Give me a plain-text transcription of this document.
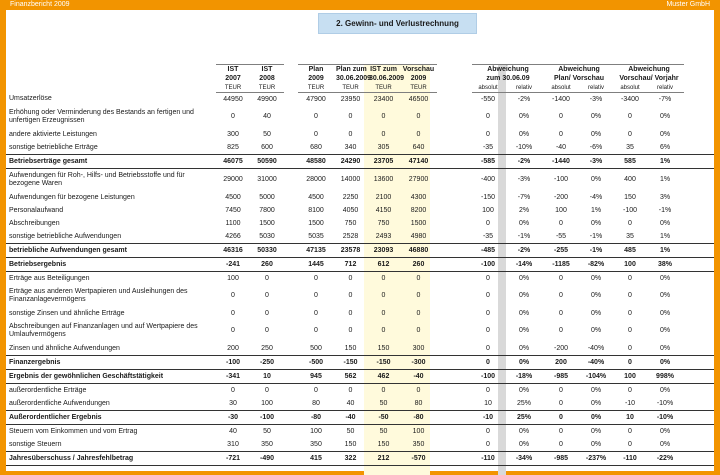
Finanzbericht 2009	Muster GmbH
2. Gewinn- und Verlustrechnung
	IST	IST		Plan	Plan zum	IST zum	Vorschau		Abweichung		Abweichung		Abweichung	
	2007	2008		2009	30.06.2009	30.06.2009	2009		zum 30.06.09		Plan/ Vorschau		Vorschau/ Vorjahr	
	TEUR	TEUR		TEUR	TEUR	TEUR	TEUR		absolut	relativ	absolut	relativ	absolut	relativ
Umsatzerlöse	44950	49900		47900	23950	23400	46500		-550	-2%	-1400	-3%	-3400	-7%
Erhöhung oder Verminderung des Bestands an fertigen und unfertigen Erzeugnissen	0	40		0	0	0	0		0	0%	0	0%	0	0%
andere aktivierte Leistungen	300	50		0	0	0	0		0	0%	0	0%	0	0%
sonstige betriebliche Erträge	825	600		680	340	305	640		-35	-10%	-40	-6%	35	6%
Betriebserträge gesamt	46075	50590		48580	24290	23705	47140		-585	-2%	-1440	-3%	585	1%
Aufwendungen für Roh-, Hilfs- und Betriebsstoffe und für bezogene Waren	29000	31000		28000	14000	13600	27900		-400	-3%	-100	0%	400	1%
Aufwendungen für bezogene Leistungen	4500	5000		4500	2250	2100	4300		-150	-7%	-200	-4%	150	3%
Personalaufwand	7450	7800		8100	4050	4150	8200		100	2%	100	1%	-100	-1%
Abschreibungen	1100	1500		1500	750	750	1500		0	0%	0	0%	0	0%
sonstige betriebliche Aufwendungen	4266	5030		5035	2528	2493	4980		-35	-1%	-55	-1%	35	1%
betriebliche Aufwendungen gesamt	46316	50330		47135	23578	23093	46880		-485	-2%	-255	-1%	485	1%
Betriebsergebnis	-241	260		1445	712	612	260		-100	-14%	-1185	-82%	100	38%
Erträge aus Beteiligungen	100	0		0	0	0	0		0	0%	0	0%	0	0%
Erträge aus anderen Wertpapieren und Ausleihungen des Finanzanlagevermögens	0	0		0	0	0	0		0	0%	0	0%	0	0%
sonstige Zinsen und ähnliche Erträge	0	0		0	0	0	0		0	0%	0	0%	0	0%
Abschreibungen auf Finanzanlagen und auf Wertpapiere des Umlaufvermögens	0	0		0	0	0	0		0	0%	0	0%	0	0%
Zinsen und ähnliche Aufwendungen	200	250		500	150	150	300		0	0%	-200	-40%	0	0%
Finanzergebnis	-100	-250		-500	-150	-150	-300		0	0%	200	-40%	0	0%
Ergebnis der gewöhnlichen Geschäftstätigkeit	-341	10		945	562	462	-40		-100	-18%	-985	-104%	100	998%
außerordentliche Erträge	0	0		0	0	0	0		0	0%	0	0%	0	0%
außerordentliche Aufwendungen	30	100		80	40	50	80		10	25%	0	0%	-10	-10%
Außerordentlicher Ergebnis	-30	-100		-80	-40	-50	-80		-10	25%	0	0%	10	-10%
Steuern vom Einkommen und vom Ertrag	40	50		100	50	50	100		0	0%	0	0%	0	0%
sonstige Steuern	310	350		350	150	150	350		0	0%	0	0%	0	0%
Jahresüberschuss / Jahresfehlbetrag	-721	-490		415	322	212	-570		-110	-34%	-985	-237%	-110	-22%
